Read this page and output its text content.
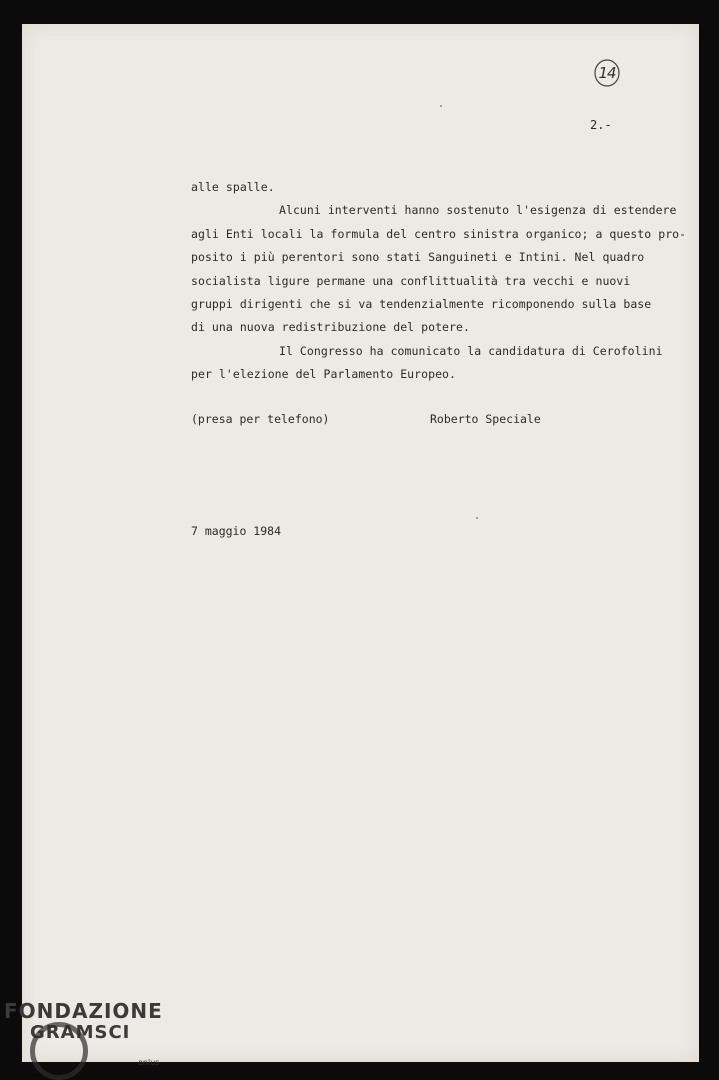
14
2.-
alle spalle.
Alcuni interventi hanno sostenuto l'esigenza di estendere
agli Enti locali la formula del centro sinistra organico; a questo pro-
posito i più perentori sono stati Sanguineti e Intini. Nel quadro
socialista ligure permane una conflittualità tra vecchi e nuovi
gruppi dirigenti che si va tendenzialmente ricomponendo sulla base
di una nuova redistribuzione del potere.
Il Congresso ha comunicato la candidatura di Cerofolini
per l'elezione del Parlamento Europeo.
(presa per telefono)	Roberto Speciale
7 maggio 1984
FONDAZIONE
GRAMSCI
onlus
